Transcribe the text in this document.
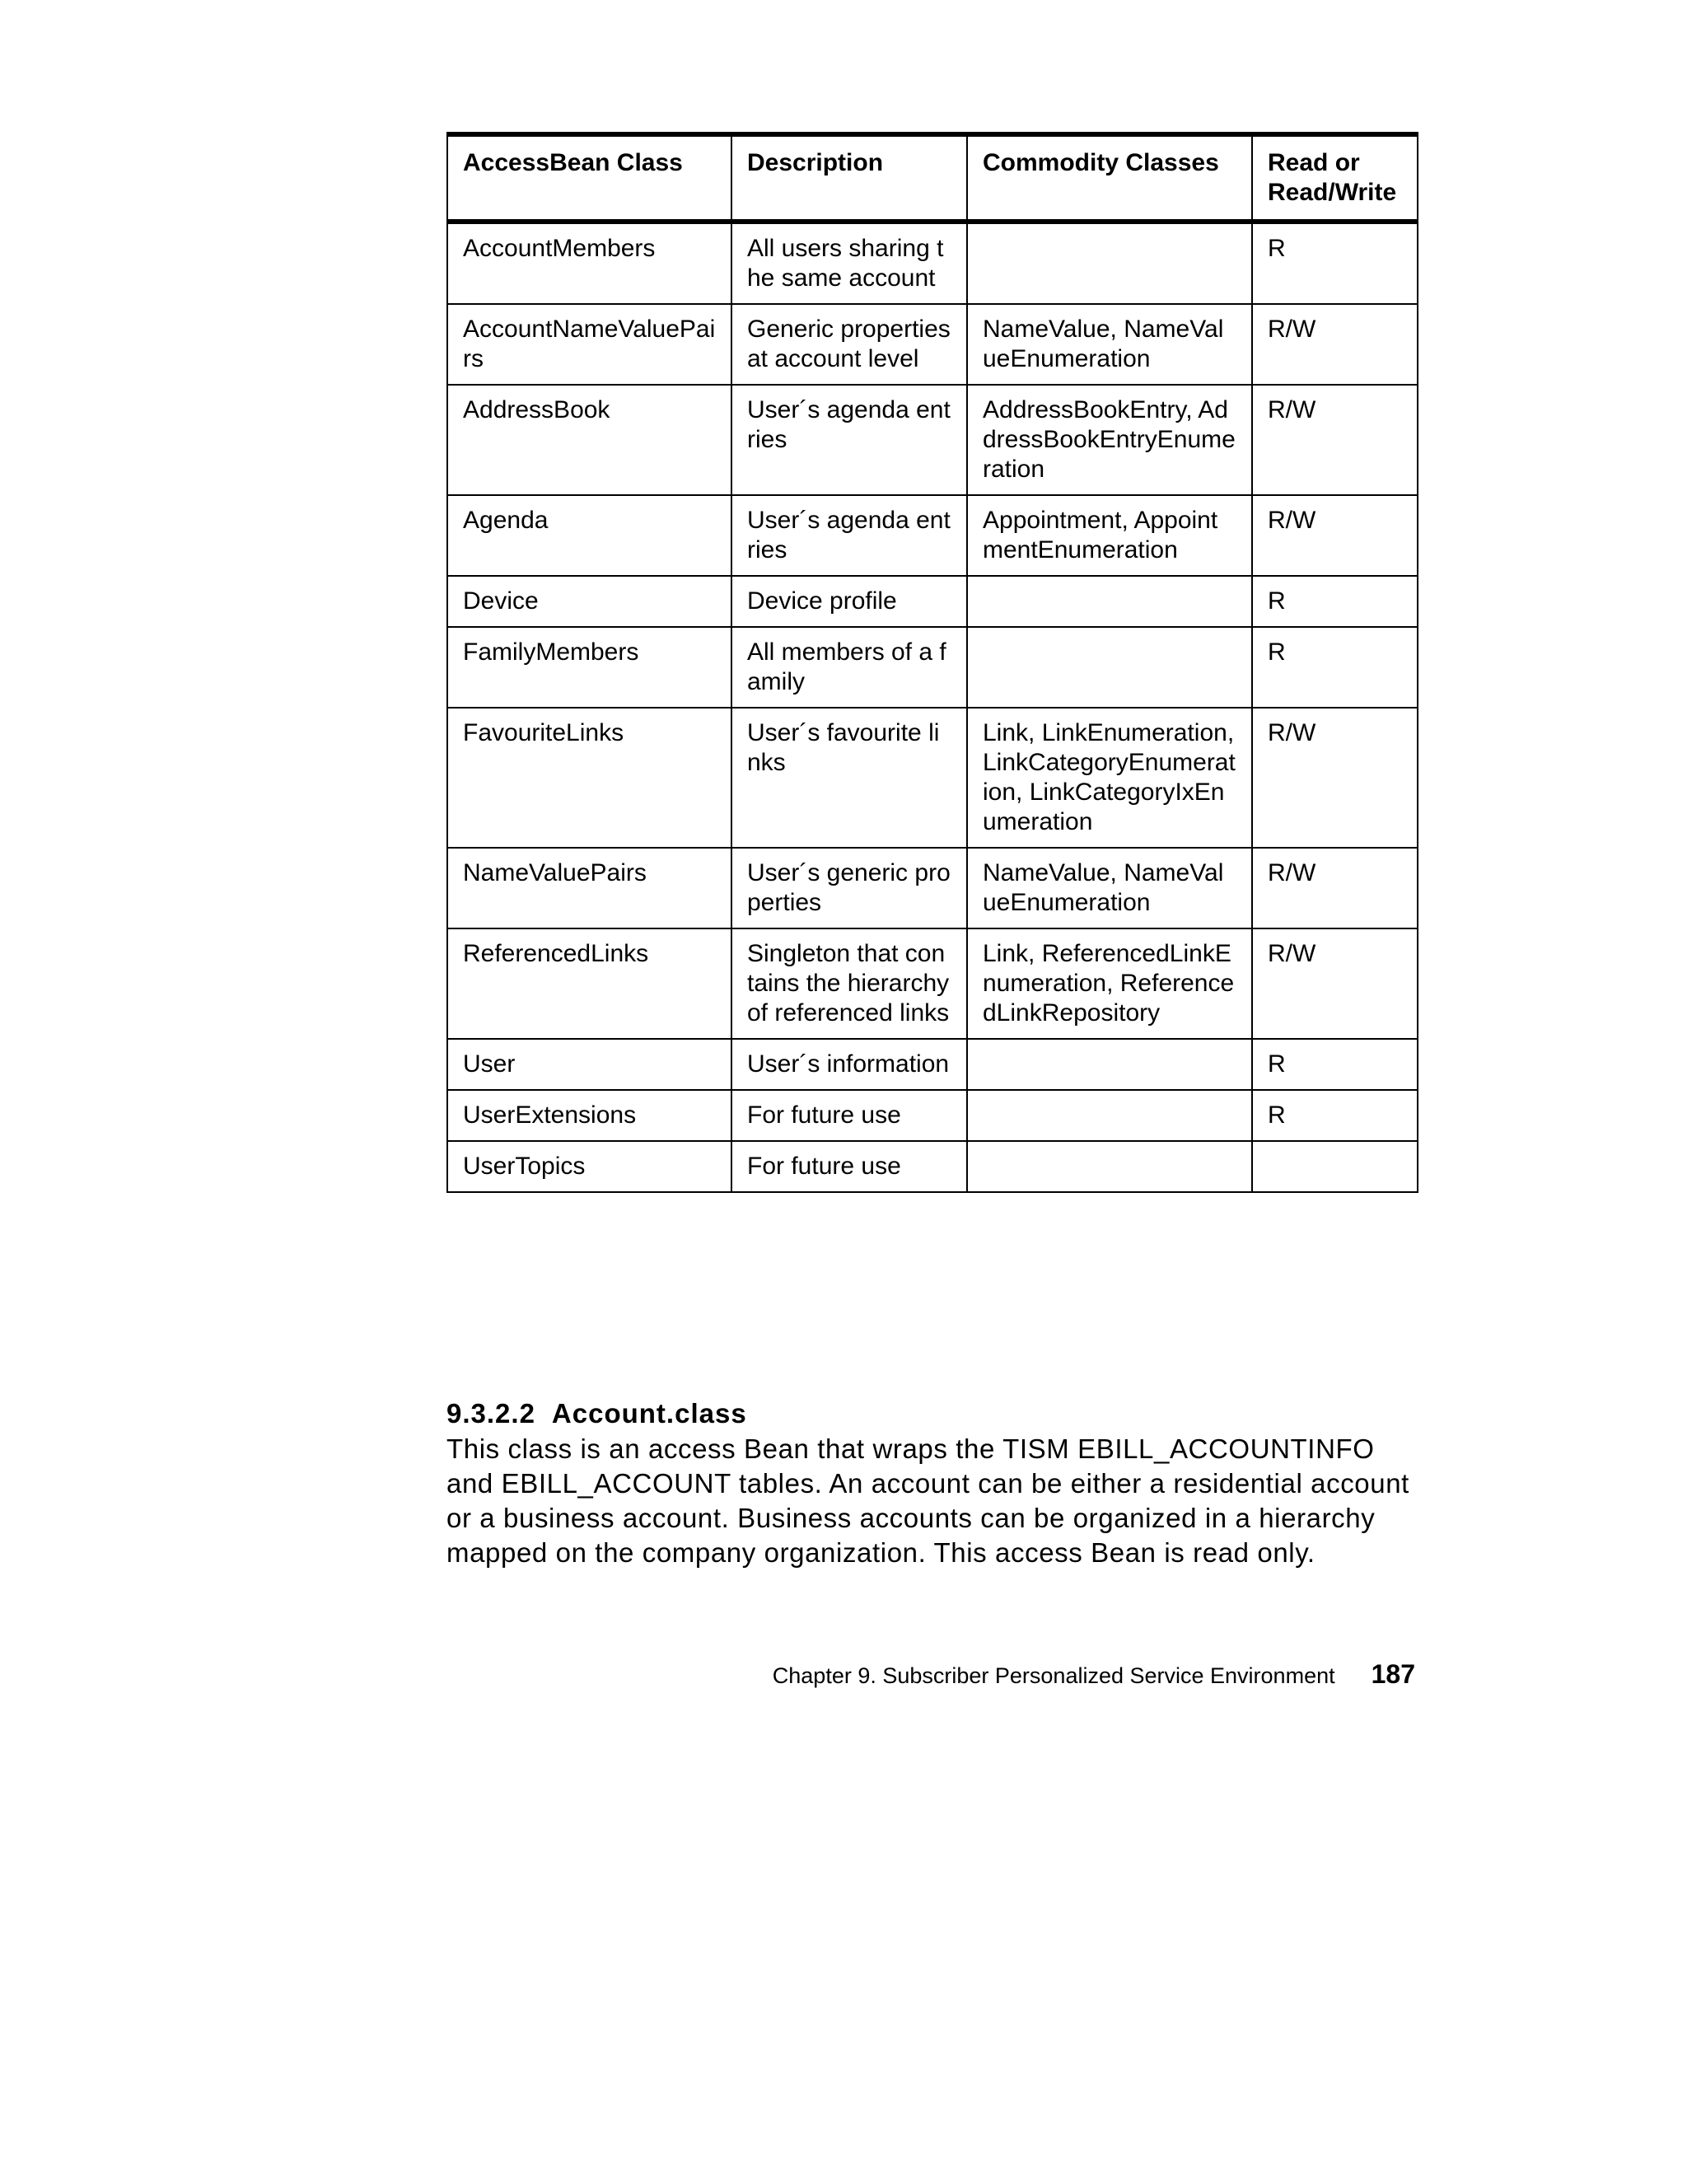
AccessBean Class	Description	Commodity Classes	Read or Read/Write
AccountMembers	All users sharing the same account		R
AccountNameValuePairs	Generic properties at account level	NameValue, NameValueEnumeration	R/W
AddressBook	User´s agenda entries	AddressBookEntry, AddressBookEntryEnumeration	R/W
Agenda	User´s agenda entries	Appointment, AppointmentEnumeration	R/W
Device	Device profile		R
FamilyMembers	All members of a family		R
FavouriteLinks	User´s favourite links	Link, LinkEnumeration, LinkCategoryEnumeration, LinkCategoryIxEnumeration	R/W
NameValuePairs	User´s generic properties	NameValue, NameValueEnumeration	R/W
ReferencedLinks	Singleton that contains the hierarchy of referenced links	Link, ReferencedLinkEnumeration, ReferencedLinkRepository	R/W
User	User´s information		R
UserExtensions	For future use		R
UserTopics	For future use		
9.3.2.2 Account.class

This class is an access Bean that wraps the TISM EBILL_ACCOUNTINFO and EBILL_ACCOUNT tables. An account can be either a residential account or a business account. Business accounts can be organized in a hierarchy mapped on the company organization. This access Bean is read only.

Chapter 9. Subscriber Personalized Service Environment 187
